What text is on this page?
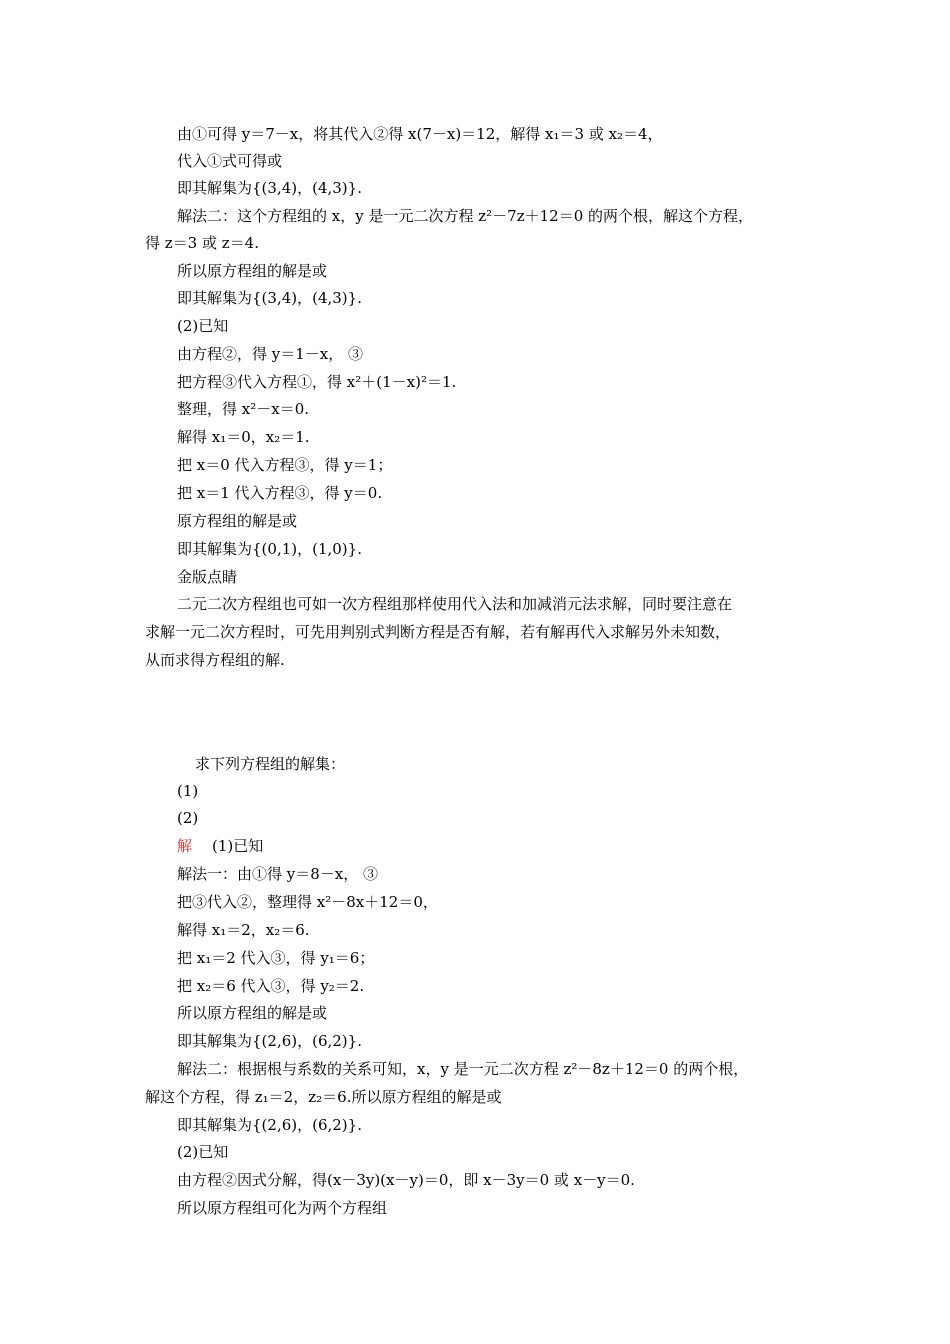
由①可得 y＝7－x，将其代入②得 x(7－x)＝12，解得 x₁＝3 或 x₂＝4，
代入①式可得或
即其解集为{(3,4)，(4,3)}.
解法二：这个方程组的 x，y 是一元二次方程 z²－7z＋12＝0 的两个根，解这个方程，
得 z＝3 或 z＝4.
所以原方程组的解是或
即其解集为{(3,4)，(4,3)}.
(2)已知
由方程②，得 y＝1－x， ③
把方程③代入方程①，得 x²＋(1－x)²＝1.
整理，得 x²－x＝0.
解得 x₁＝0，x₂＝1.
把 x＝0 代入方程③，得 y＝1；
把 x＝1 代入方程③，得 y＝0.
原方程组的解是或
即其解集为{(0,1)，(1,0)}.
金版点睛
二元二次方程组也可如一次方程组那样使用代入法和加减消元法求解，同时要注意在
求解一元二次方程时，可先用判别式判断方程是否有解，若有解再代入求解另外未知数，
从而求得方程组的解.
求下列方程组的解集：
(1)
(2)
解 (1)已知
解法一：由①得 y＝8－x， ③
把③代入②，整理得 x²－8x＋12＝0，
解得 x₁＝2，x₂＝6.
把 x₁＝2 代入③，得 y₁＝6；
把 x₂＝6 代入③，得 y₂＝2.
所以原方程组的解是或
即其解集为{(2,6)，(6,2)}.
解法二：根据根与系数的关系可知，x，y 是一元二次方程 z²－8z＋12＝0 的两个根，
解这个方程，得 z₁＝2，z₂＝6.所以原方程组的解是或
即其解集为{(2,6)，(6,2)}.
(2)已知
由方程②因式分解，得(x－3y)(x－y)＝0，即 x－3y＝0 或 x－y＝0.
所以原方程组可化为两个方程组
